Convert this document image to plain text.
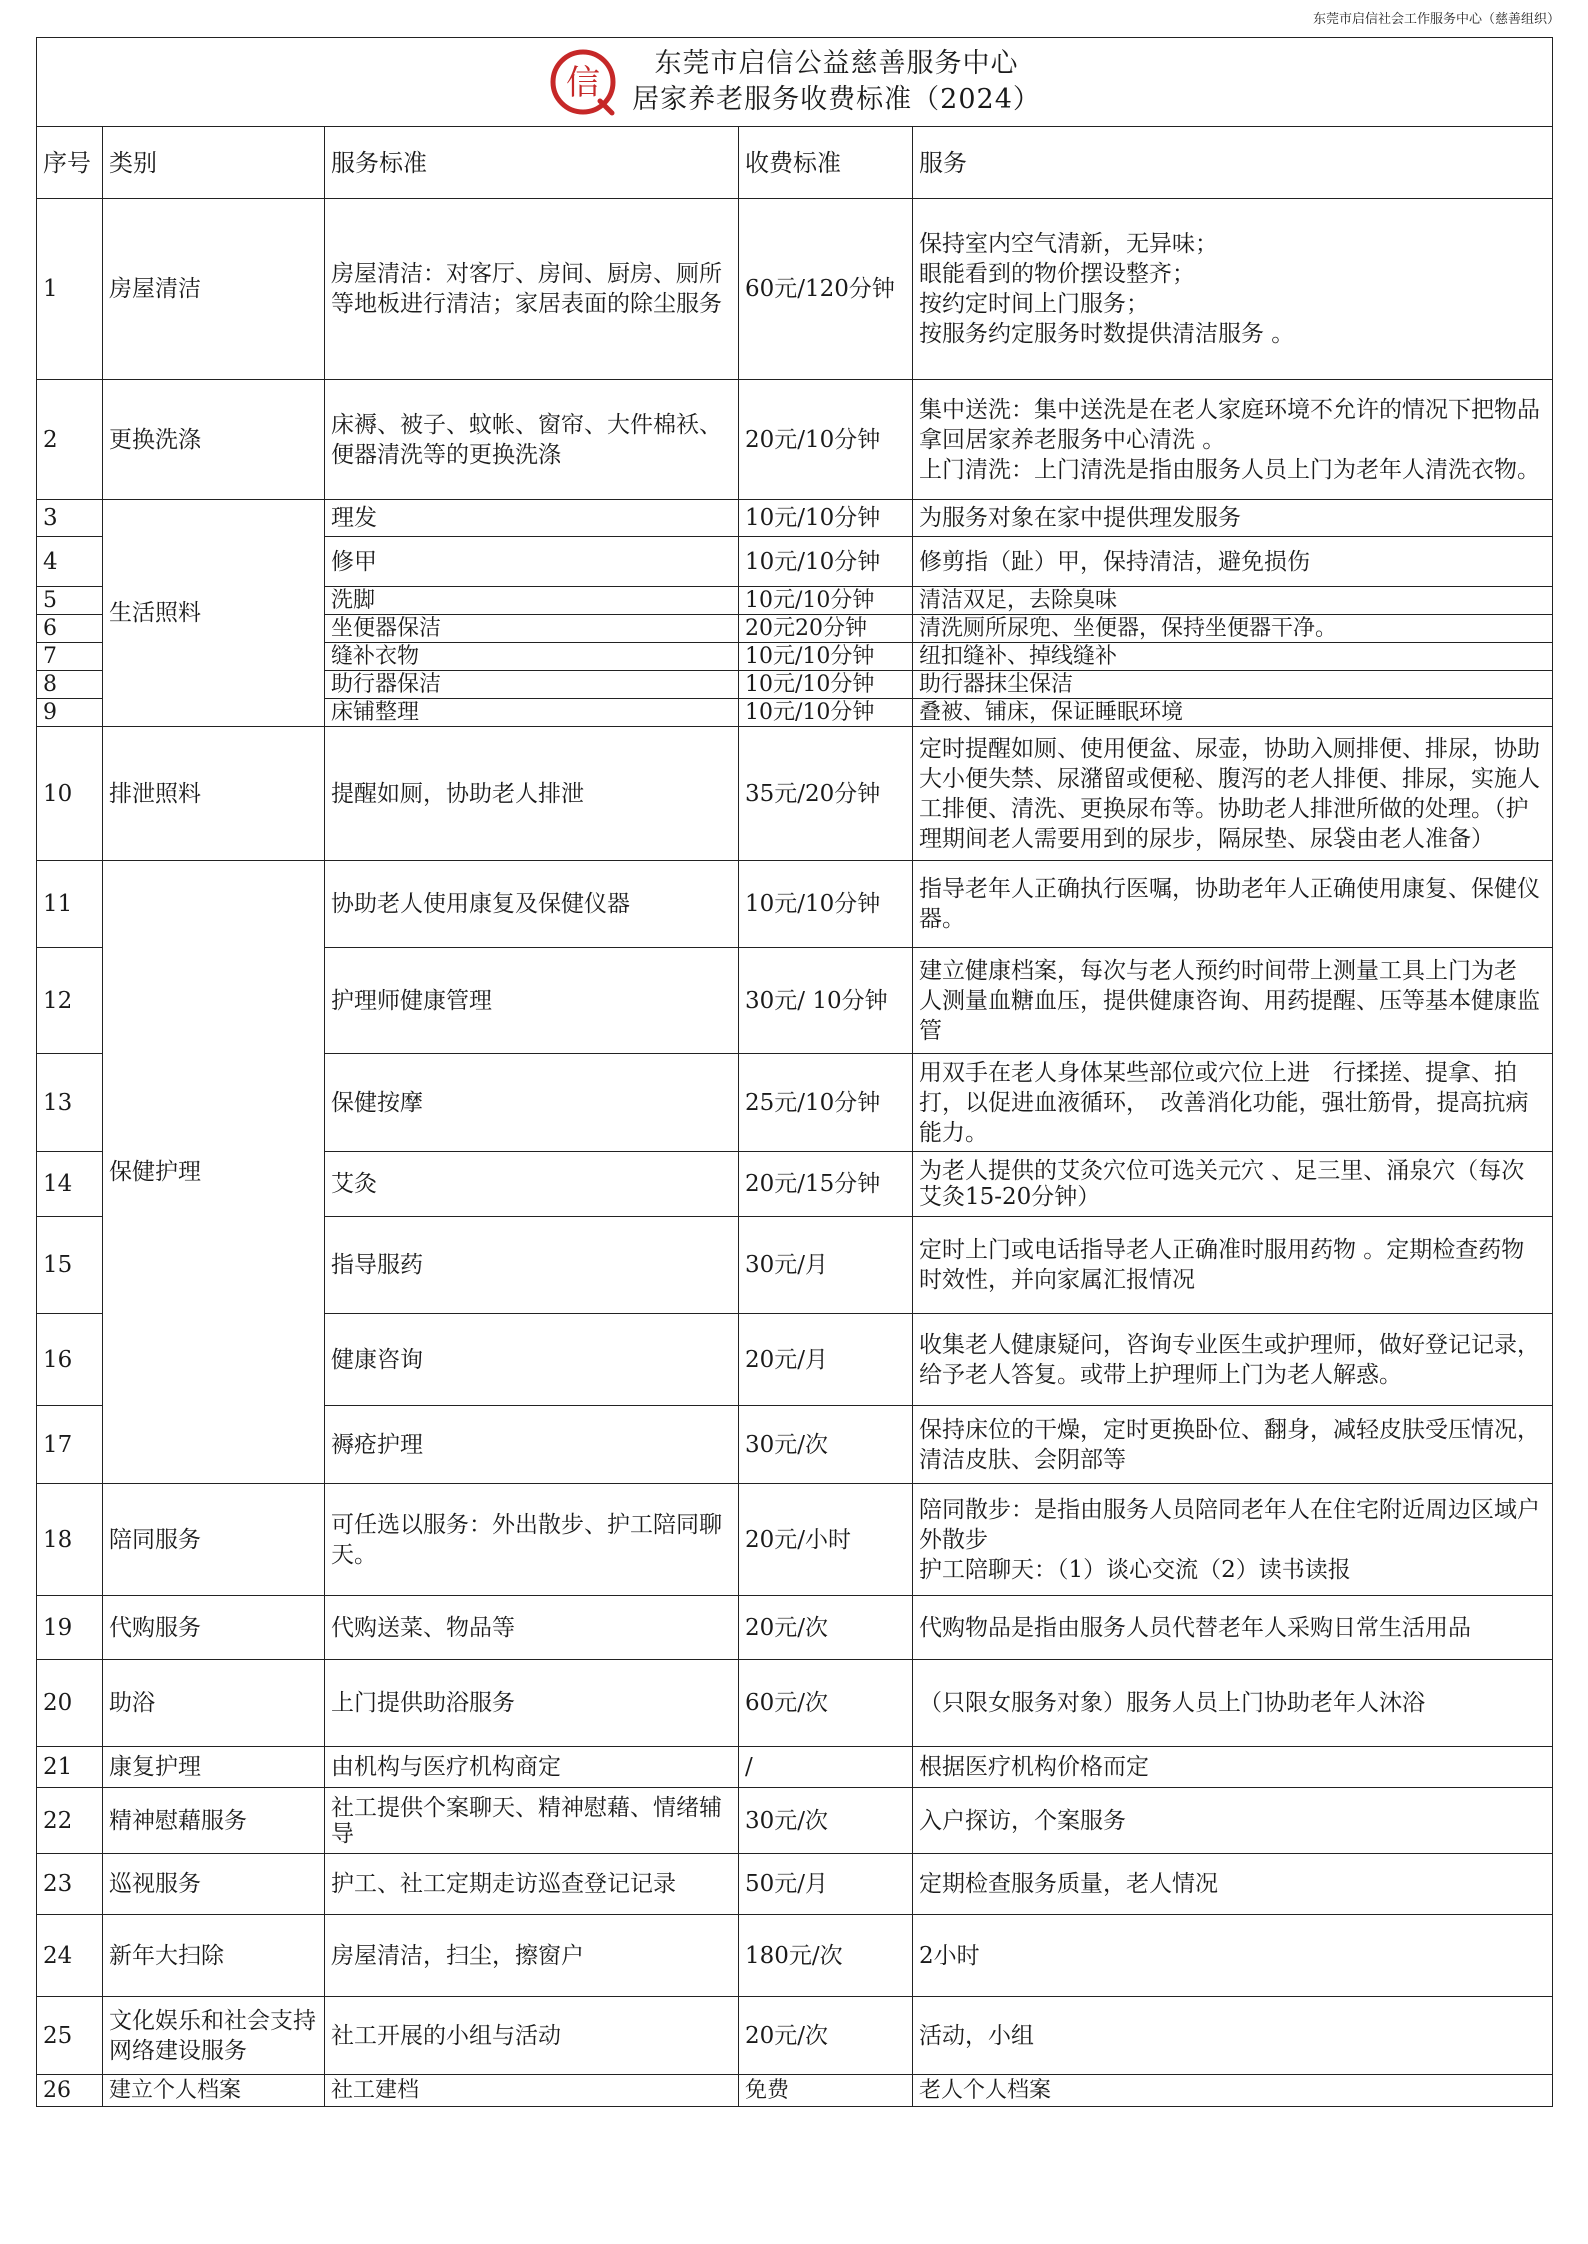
东莞市启信社会工作服务中心（慈善组织）
信 东莞市启信公益慈善服务中心
居家养老服务收费标准（2024）				

序号	类别	服务标准	收费标准	服务
1	房屋清洁	房屋清洁：对客厅、房间、厨房、厕所等地板进行清洁；家居表面的除尘服务	60元/120分钟	保持室内空气清新，无异味；
眼能看到的物价摆设整齐；
按约定时间上门服务；
按服务约定服务时数提供清洁服务 。
2	更换洗涤	床褥、被子、蚊帐、窗帘、大件棉袄、便器清洗等的更换洗涤	20元/10分钟	集中送洗：集中送洗是在老人家庭环境不允许的情况下把物品拿回居家养老服务中心清洗 。
上门清洗：上门清洗是指由服务人员上门为老年人清洗衣物。
3	生活照料	理发	10元/10分钟	为服务对象在家中提供理发服务
4		修甲	10元/10分钟	修剪指（趾）甲，保持清洁，避免损伤
5		洗脚	10元/10分钟	清洁双足，去除臭味
6		坐便器保洁	20元20分钟	清洗厕所尿兜、坐便器，保持坐便器干净。
7		缝补衣物	10元/10分钟	纽扣缝补、掉线缝补
8		助行器保洁	10元/10分钟	助行器抹尘保洁
9		床铺整理	10元/10分钟	叠被、铺床，保证睡眠环境
10	排泄照料	提醒如厕，协助老人排泄	35元/20分钟	定时提醒如厕、使用便盆、尿壶，协助入厕排便、排尿，协助大小便失禁、尿潴留或便秘、腹泻的老人排便、排尿，实施人工排便、清洗、更换尿布等。协助老人排泄所做的处理。（护理期间老人需要用到的尿步，隔尿垫、尿袋由老人准备）
11	保健护理	协助老人使用康复及保健仪器	10元/10分钟	指导老年人正确执行医嘱，协助老年人正确使用康复、保健仪器。
12		护理师健康管理	30元/ 10分钟	建立健康档案，每次与老人预约时间带上测量工具上门为老 人测量血糖血压，提供健康咨询、用药提醒、压等基本健康监管
13		保健按摩	25元/10分钟	用双手在老人身体某些部位或穴位上进　行揉搓、提拿、拍打，以促进血液循环，　改善消化功能，强壮筋骨，提高抗病能力。
14		艾灸	20元/15分钟	为老人提供的艾灸穴位可选关元穴 、足三里、涌泉穴（每次艾灸15-20分钟）
15		指导服药	30元/月	定时上门或电话指导老人正确准时服用药物 。定期检查药物时效性，并向家属汇报情况
16		健康咨询	20元/月	收集老人健康疑问，咨询专业医生或护理师，做好登记记录，给予老人答复。或带上护理师上门为老人解惑。
17		褥疮护理	30元/次	保持床位的干燥，定时更换卧位、翻身，减轻皮肤受压情况，清洁皮肤、会阴部等
18	陪同服务	可任选以服务：外出散步、护工陪同聊天。	20元/小时	陪同散步：是指由服务人员陪同老年人在住宅附近周边区域户外散步
护工陪聊天：（1）谈心交流（2）读书读报
19	代购服务	代购送菜、物品等	20元/次	代购物品是指由服务人员代替老年人采购日常生活用品
20	助浴	上门提供助浴服务	60元/次	（只限女服务对象）服务人员上门协助老年人沐浴
21	康复护理	由机构与医疗机构商定	/	根据医疗机构价格而定
22	精神慰藉服务	社工提供个案聊天、精神慰藉、情绪辅导	30元/次	入户探访，个案服务
23	巡视服务	护工、社工定期走访巡查登记记录	50元/月	定期检查服务质量，老人情况
24	新年大扫除	房屋清洁，扫尘，擦窗户	180元/次	2小时
25	文化娱乐和社会支持网络建设服务	社工开展的小组与活动	20元/次	活动，小组
26	建立个人档案	社工建档	免费	老人个人档案
